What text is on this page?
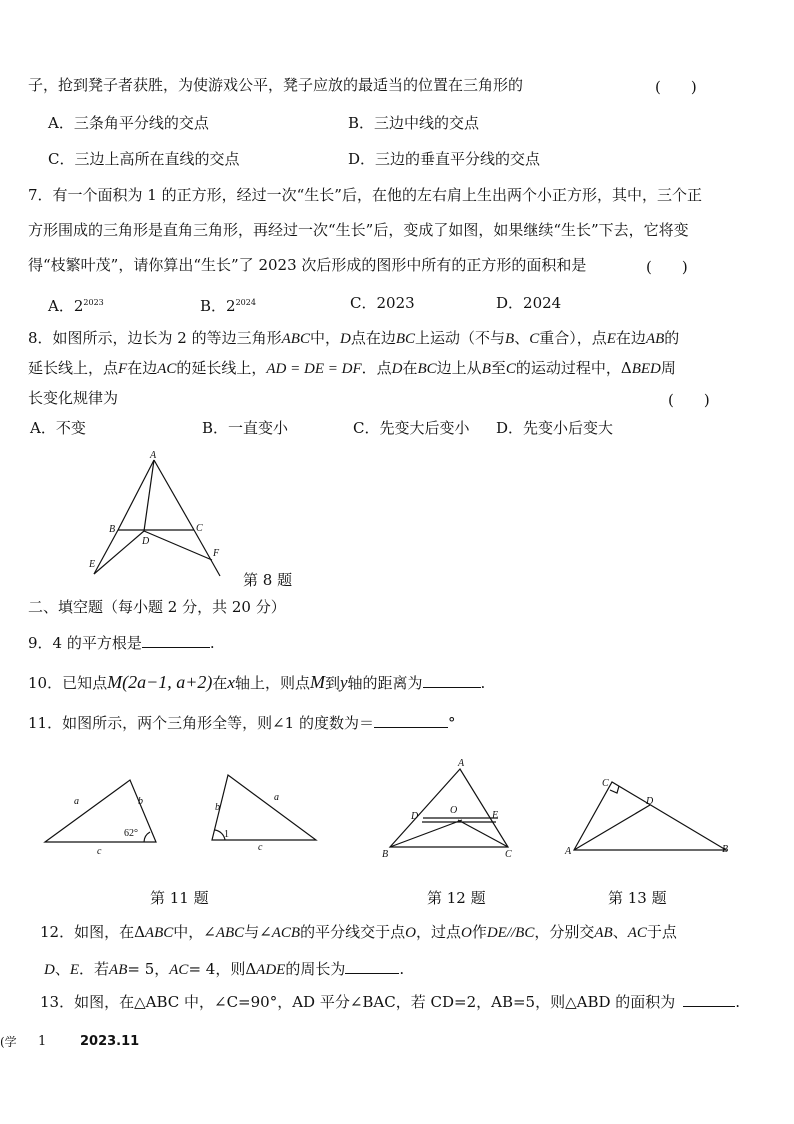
子，抢到凳子者获胜，为使游戏公平，凳子应放的最适当的位置在三角形的	(　　)
A．三条角平分线的交点	B．三边中线的交点
C．三边上高所在直线的交点	D．三边的垂直平分线的交点
7．有一个面积为 1 的正方形，经过一次“生长”后，在他的左右肩上生出两个小正方形，其中，三个正
方形围成的三角形是直角三角形，再经过一次“生长”后，变成了如图，如果继续“生长”下去，它将变
得“枝繁叶茂”，请你算出“生长”了 2023 次后形成的图形中所有的正方形的面积和是	(　　)
A．$2^{2023}$	B．$2^{2024}$	C．2023	D．2024
8．如图所示，边长为 2 的等边三角形ABC中，D点在边BC上运动（不与B、C重合），点E在边AB的
延长线上，点F在边AC的延长线上，AD = DE = DF．点D在BC边上从B至C的运动过程中，ΔBED周
长变化规律为	(　　)
A．不变	B．一直变小	C．先变大后变小 D．先变小后变大
A
B	C
D
E
F
第 8 题
二、填空题（每小题 2 分，共 20 分）
9．4 的平方根是	.
10．已知点M(2a−1, a+2)在x轴上，则点M到y轴的距离为	.
11．如图所示，两个三角形全等，则∠1 的度数为＝	°
a	b
c
62°
b
a
c
1
第 11 题
A
B	C
D	E
O
第 12 题
C
D
A	B
第 13 题
12．如图，在ΔABC中，∠ABC与∠ACB的平分线交于点O，过点O作DE//BC，分别交AB、AC于点
D、E．若AB= 5，AC= 4，则ΔADE的周长为	.
13．如图，在△ABC 中，∠C=90°，AD 平分∠BAC，若 CD=2，AB=5，则△ABD 的面积为	.
(学 1	2023.11
